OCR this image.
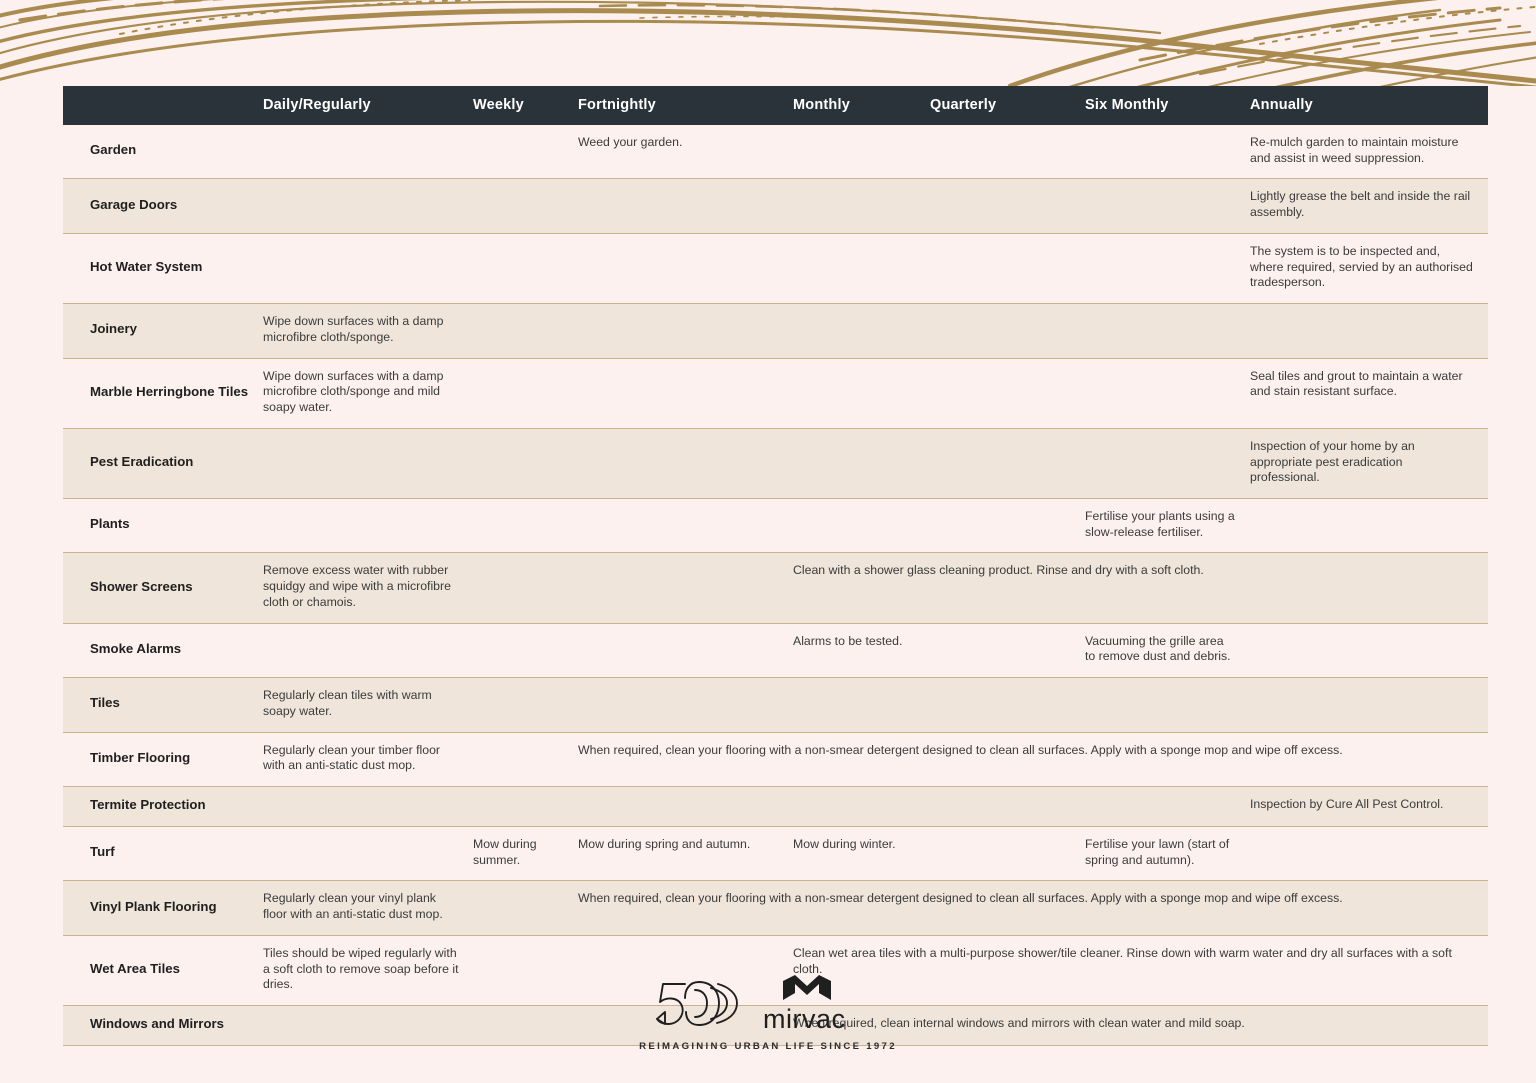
	Daily/Regularly	Weekly	Fortnightly	Monthly	Quarterly	Six Monthly	Annually
Garden			Weed your garden.				Re-mulch garden to maintain moisture and assist in weed suppression.
Garage Doors							Lightly grease the belt and inside the rail assembly.
Hot Water System							The system is to be inspected and, where required, servied by an authorised tradesperson.
Joinery	Wipe down surfaces with a damp microfibre cloth/sponge.						
Marble Herringbone Tiles	Wipe down surfaces with a damp microfibre cloth/sponge and mild soapy water.						Seal tiles and grout to maintain a water and stain resistant surface.
Pest Eradication							Inspection of your home by an appropriate pest eradication professional.
Plants						Fertilise your plants using a slow-release fertiliser.	
Shower Screens	Remove excess water with rubber squidgy and wipe with a microfibre cloth or chamois.			Clean with a shower glass cleaning product. Rinse and dry with a soft cloth.			
Smoke Alarms				Alarms to be tested.		Vacuuming the grille area to remove dust and debris.	
Tiles	Regularly clean tiles with warm soapy water.						
Timber Flooring	Regularly clean your timber floor with an anti-static dust mop.		When required, clean your flooring with a non-smear detergent designed to clean all surfaces. Apply with a sponge mop and wipe off excess.				
Termite Protection							Inspection by Cure All Pest Control.
Turf		Mow during summer.	Mow during spring and autumn.	Mow during winter.		Fertilise your lawn (start of spring and autumn).	
Vinyl Plank Flooring	Regularly clean your vinyl plank floor with an anti-static dust mop.		When required, clean your flooring with a non-smear detergent designed to clean all surfaces. Apply with a sponge mop and wipe off excess.				
Wet Area Tiles	Tiles should be wiped regularly with a soft cloth to remove soap before it dries.			Clean wet area tiles with a multi-purpose shower/tile cleaner. Rinse down with warm water and dry all surfaces with a soft cloth.			
Windows and Mirrors				When required, clean internal windows and mirrors with clean water and mild soap.			
mirvac
REIMAGINING URBAN LIFE SINCE 1972
